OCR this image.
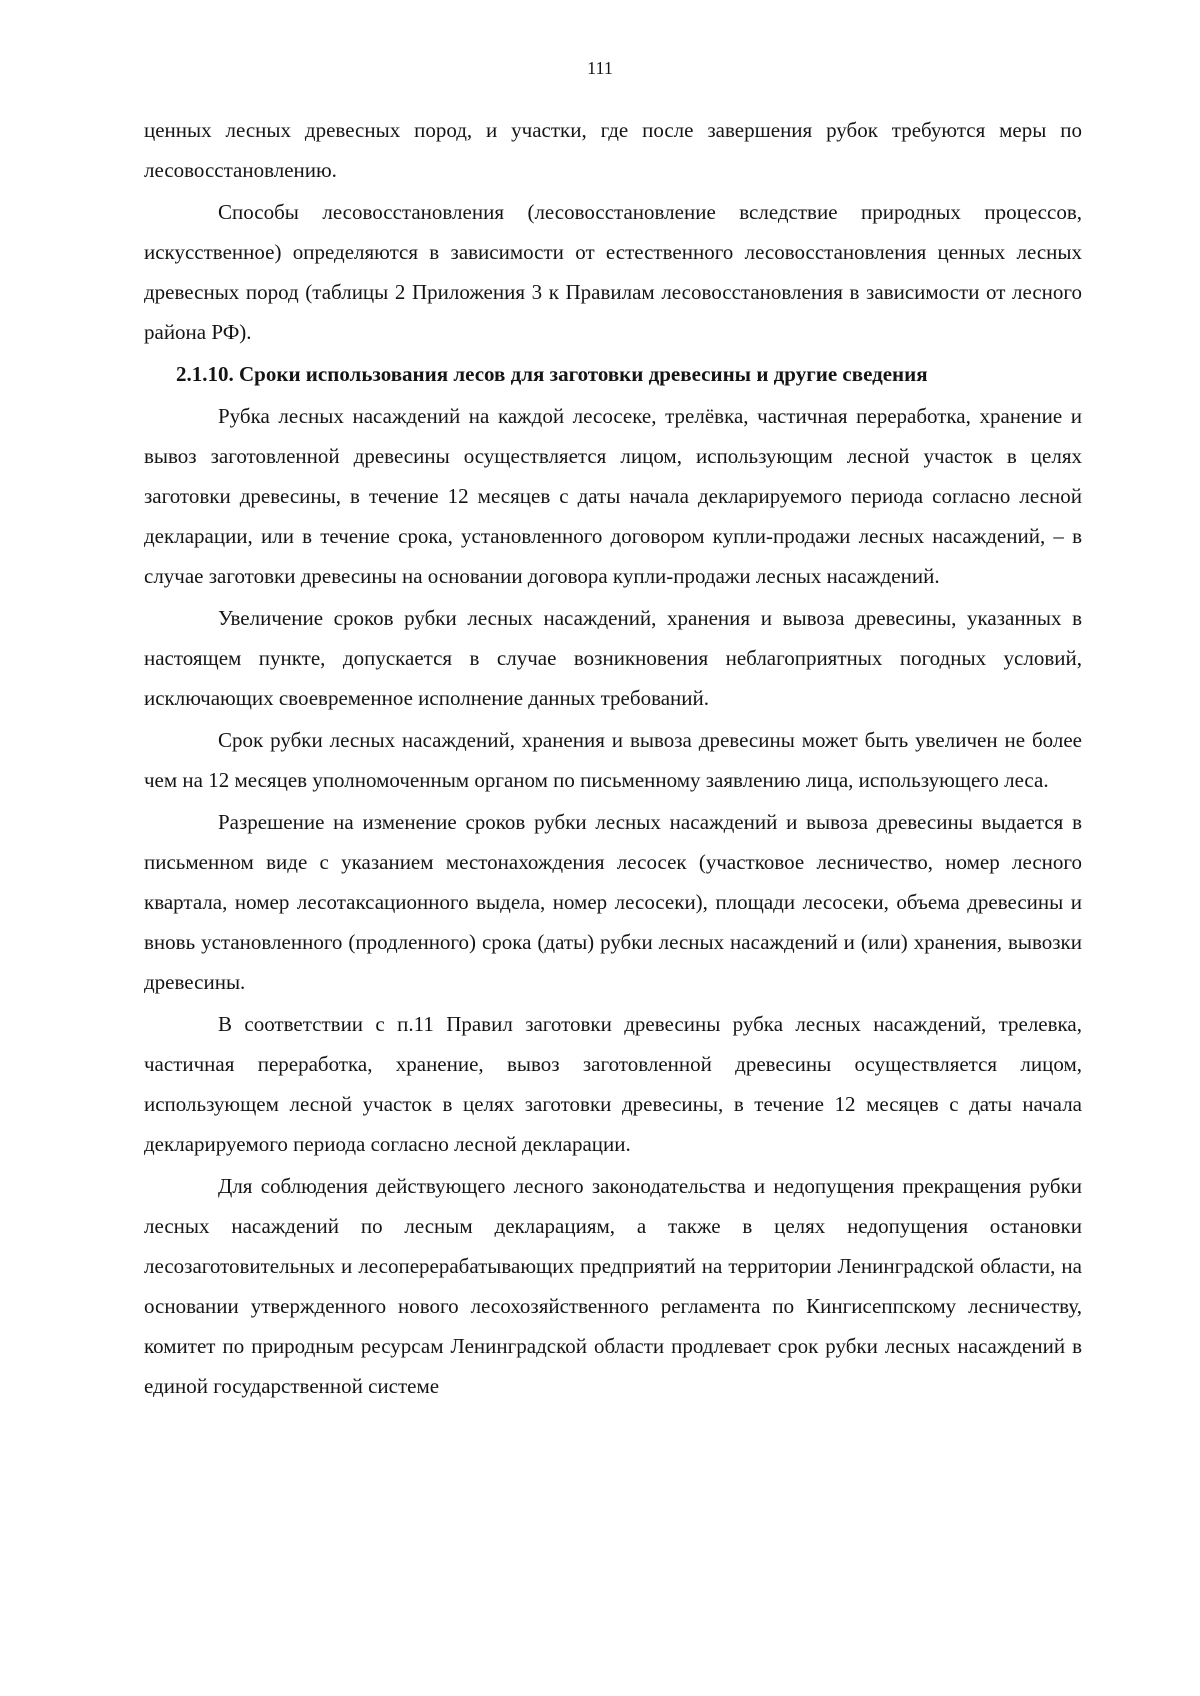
111

ценных лесных древесных пород, и участки, где после завершения рубок требуются меры по лесовосстановлению.

Способы лесовосстановления (лесовосстановление вследствие природных процессов, искусственное) определяются в зависимости от естественного лесовосстановления ценных лесных древесных пород (таблицы 2 Приложения 3 к Правилам лесовосстановления в зависимости от лесного района РФ).

2.1.10. Сроки использования лесов для заготовки древесины и другие сведения

Рубка лесных насаждений на каждой лесосеке, трелёвка, частичная переработка, хранение и вывоз заготовленной древесины осуществляется лицом, использующим лесной участок в целях заготовки древесины, в течение 12 месяцев с даты начала декларируемого периода согласно лесной декларации, или в течение срока, установленного договором купли-продажи лесных насаждений, – в случае заготовки древесины на основании договора купли-продажи лесных насаждений.

Увеличение сроков рубки лесных насаждений, хранения и вывоза древесины, указанных в настоящем пункте, допускается в случае возникновения неблагоприятных погодных условий, исключающих своевременное исполнение данных требований.

Срок рубки лесных насаждений, хранения и вывоза древесины может быть увеличен не более чем на 12 месяцев уполномоченным органом по письменному заявлению лица, использующего леса.

Разрешение на изменение сроков рубки лесных насаждений и вывоза древесины выдается в письменном виде с указанием местонахождения лесосек (участковое лесничество, номер лесного квартала, номер лесотаксационного выдела, номер лесосеки), площади лесосеки, объема древесины и вновь установленного (продленного) срока (даты) рубки лесных насаждений и (или) хранения, вывозки древесины.

В соответствии с п.11 Правил заготовки древесины рубка лесных насаждений, трелевка, частичная переработка, хранение, вывоз заготовленной древесины осуществляется лицом, использующем лесной участок в целях заготовки древесины, в течение 12 месяцев с даты начала декларируемого периода согласно лесной декларации.

Для соблюдения действующего лесного законодательства и недопущения прекращения рубки лесных насаждений по лесным декларациям, а также в целях недопущения остановки лесозаготовительных и лесоперерабатывающих предприятий на территории Ленинградской области, на основании утвержденного нового лесохозяйственного регламента по Кингисеппскому лесничеству, комитет по природным ресурсам Ленинградской области продлевает срок рубки лесных насаждений в единой государственной системе
